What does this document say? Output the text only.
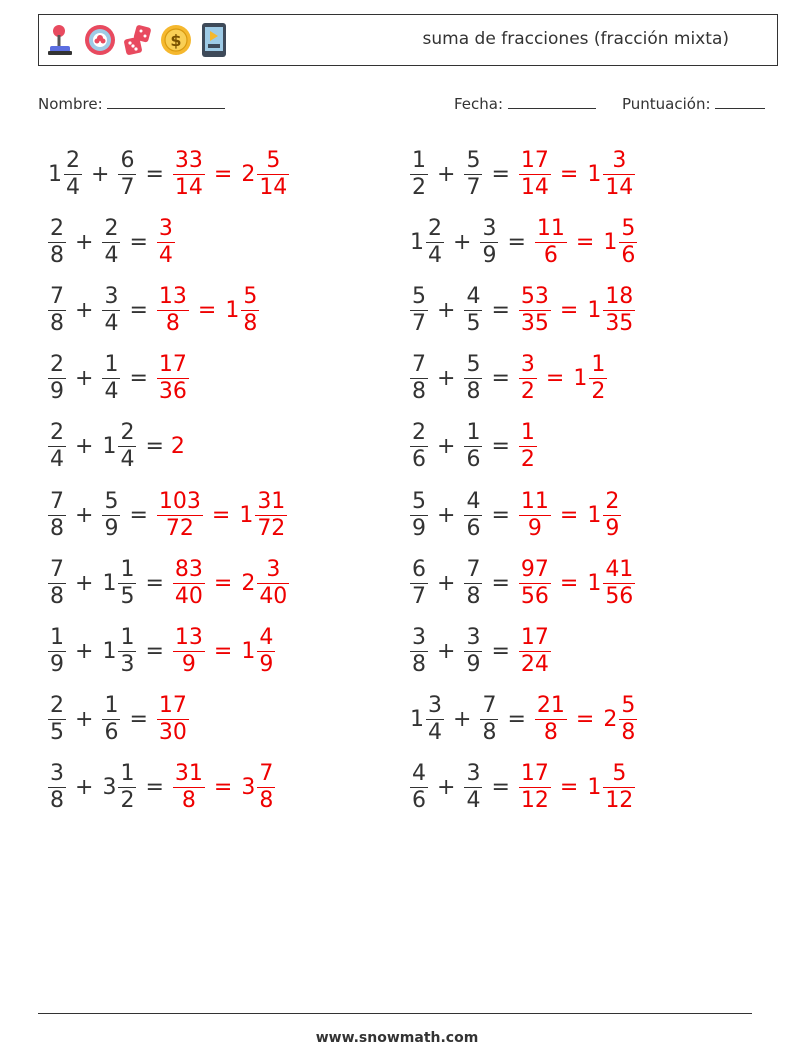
$	suma de fracciones (fracción mixta)
Nombre:	Fecha:	Puntuación:
$1 \frac{2}{4} + \frac{6}{7} = \frac{33}{14} = 2 \frac{5}{14}$	$\frac{1}{2} + \frac{5}{7} = \frac{17}{14} = 1 \frac{3}{14}$
$\frac{2}{8} + \frac{2}{4} = \frac{3}{4}$	$1 \frac{2}{4} + \frac{3}{9} = \frac{11}{6} = 1 \frac{5}{6}$
$\frac{7}{8} + \frac{3}{4} = \frac{13}{8} = 1 \frac{5}{8}$	$\frac{5}{7} + \frac{4}{5} = \frac{53}{35} = 1 \frac{18}{35}$
$\frac{2}{9} + \frac{1}{4} = \frac{17}{36}$	$\frac{7}{8} + \frac{5}{8} = \frac{3}{2} = 1 \frac{1}{2}$
$\frac{2}{4} + 1 \frac{2}{4} = 2$	$\frac{2}{6} + \frac{1}{6} = \frac{1}{2}$
$\frac{7}{8} + \frac{5}{9} = \frac{103}{72} = 1 \frac{31}{72}$	$\frac{5}{9} + \frac{4}{6} = \frac{11}{9} = 1 \frac{2}{9}$
$\frac{7}{8} + 1 \frac{1}{5} = \frac{83}{40} = 2 \frac{3}{40}$	$\frac{6}{7} + \frac{7}{8} = \frac{97}{56} = 1 \frac{41}{56}$
$\frac{1}{9} + 1 \frac{1}{3} = \frac{13}{9} = 1 \frac{4}{9}$	$\frac{3}{8} + \frac{3}{9} = \frac{17}{24}$
$\frac{2}{5} + \frac{1}{6} = \frac{17}{30}$	$1 \frac{3}{4} + \frac{7}{8} = \frac{21}{8} = 2 \frac{5}{8}$
$\frac{3}{8} + 3 \frac{1}{2} = \frac{31}{8} = 3 \frac{7}{8}$	$\frac{4}{6} + \frac{3}{4} = \frac{17}{12} = 1 \frac{5}{12}$
www.snowmath.com
